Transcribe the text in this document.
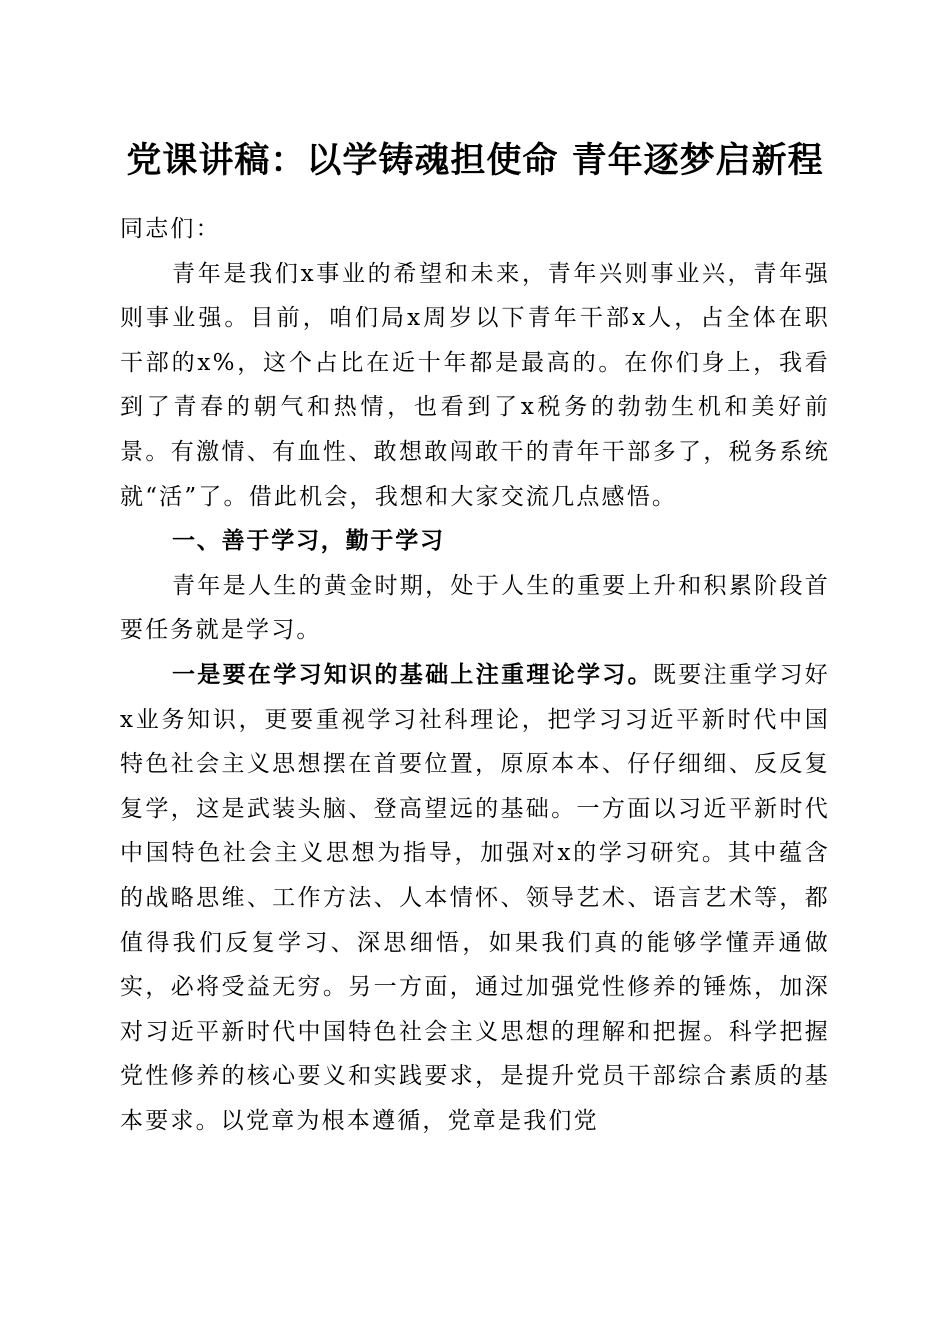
党课讲稿：以学铸魂担使命 青年逐梦启新程

同志们：

青年是我们x事业的希望和未来，青年兴则事业兴，青年强则事业强。目前，咱们局x周岁以下青年干部x人，占全体在职干部的x%，这个占比在近十年都是最高的。在你们身上，我看到了青春的朝气和热情，也看到了x税务的勃勃生机和美好前景。有激情、有血性、敢想敢闯敢干的青年干部多了，税务系统就“活”了。借此机会，我想和大家交流几点感悟。

一、善于学习，勤于学习

青年是人生的黄金时期，处于人生的重要上升和积累阶段首要任务就是学习。

一是要在学习知识的基础上注重理论学习。既要注重学习好x业务知识，更要重视学习社科理论，把学习习近平新时代中国特色社会主义思想摆在首要位置，原原本本、仔仔细细、反反复复学，这是武装头脑、登高望远的基础。一方面以习近平新时代中国特色社会主义思想为指导，加强对x的学习研究。其中蕴含的战略思维、工作方法、人本情怀、领导艺术、语言艺术等，都值得我们反复学习、深思细悟，如果我们真的能够学懂弄通做实，必将受益无穷。另一方面，通过加强党性修养的锤炼，加深对习近平新时代中国特色社会主义思想的理解和把握。科学把握党性修养的核心要义和实践要求，是提升党员干部综合素质的基本要求。以党章为根本遵循，党章是我们党
